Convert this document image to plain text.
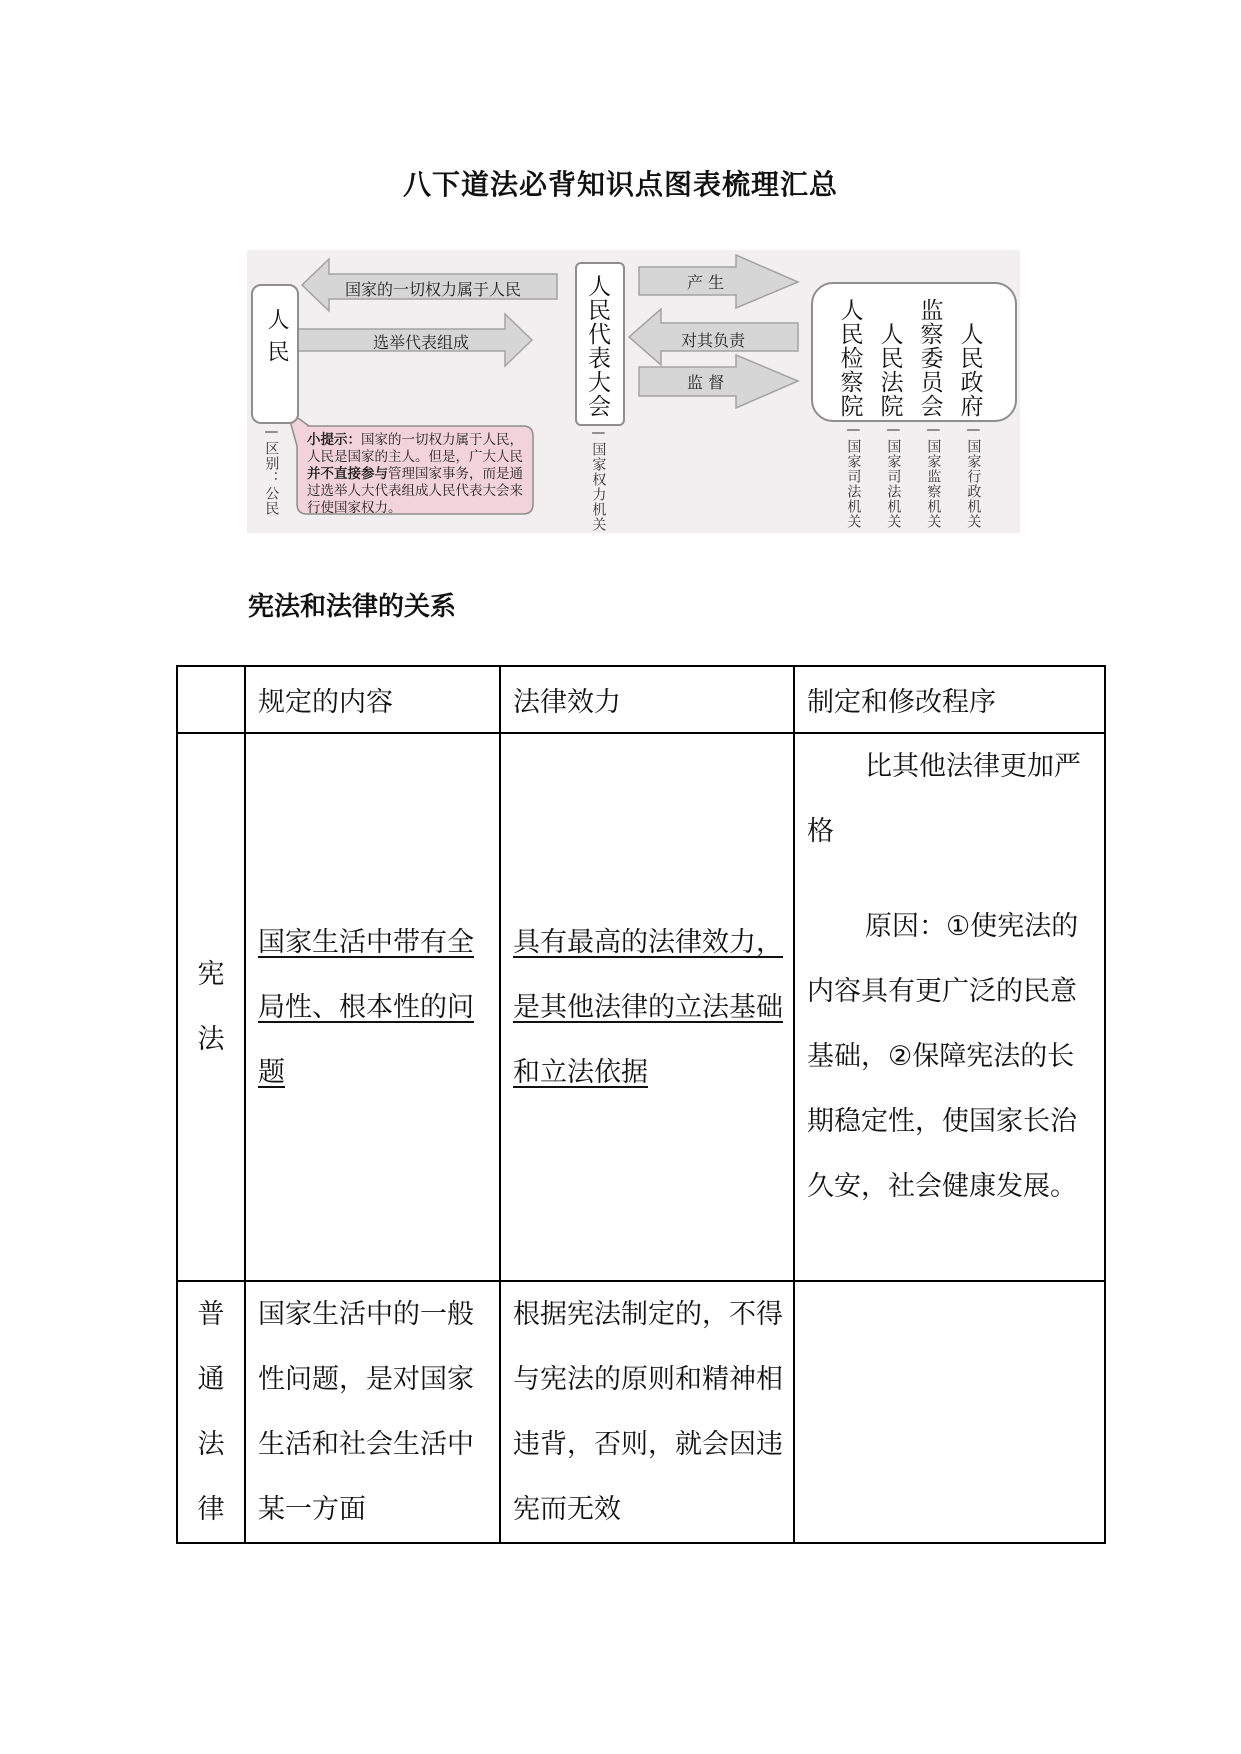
八下道法必背知识点图表梳理汇总
国家的一切权力属于人民
选举代表组成
产 生
对其负责
监 督
人民
—区别：公民
人民代表大会
—国家权力机关
人民检察院 人民法院 监察委员会 人民政府
—国家司法机关 —国家司法机关 —国家监察机关 —国家行政机关
小提示：国家的一切权力属于人民，人民是国家的主人。但是，广大人民并不直接参与管理国家事务，而是通过选举人大代表组成人民代表大会来行使国家权力。
宪法和法律的关系
	规定的内容	法律效力	制定和修改程序

宪法	国家生活中带有全局性、根本性的问题	具有最高的法律效力，是其他法律的立法基础和立法依据	比其他法律更加严格
原因：①使宪法的内容具有更广泛的民意基础，②保障宪法的长期稳定性，使国家长治久安，社会健康发展。

普通法律	国家生活中的一般性问题，是对国家生活和社会生活中某一方面	根据宪法制定的，不得与宪法的原则和精神相违背，否则，就会因违宪而无效	
